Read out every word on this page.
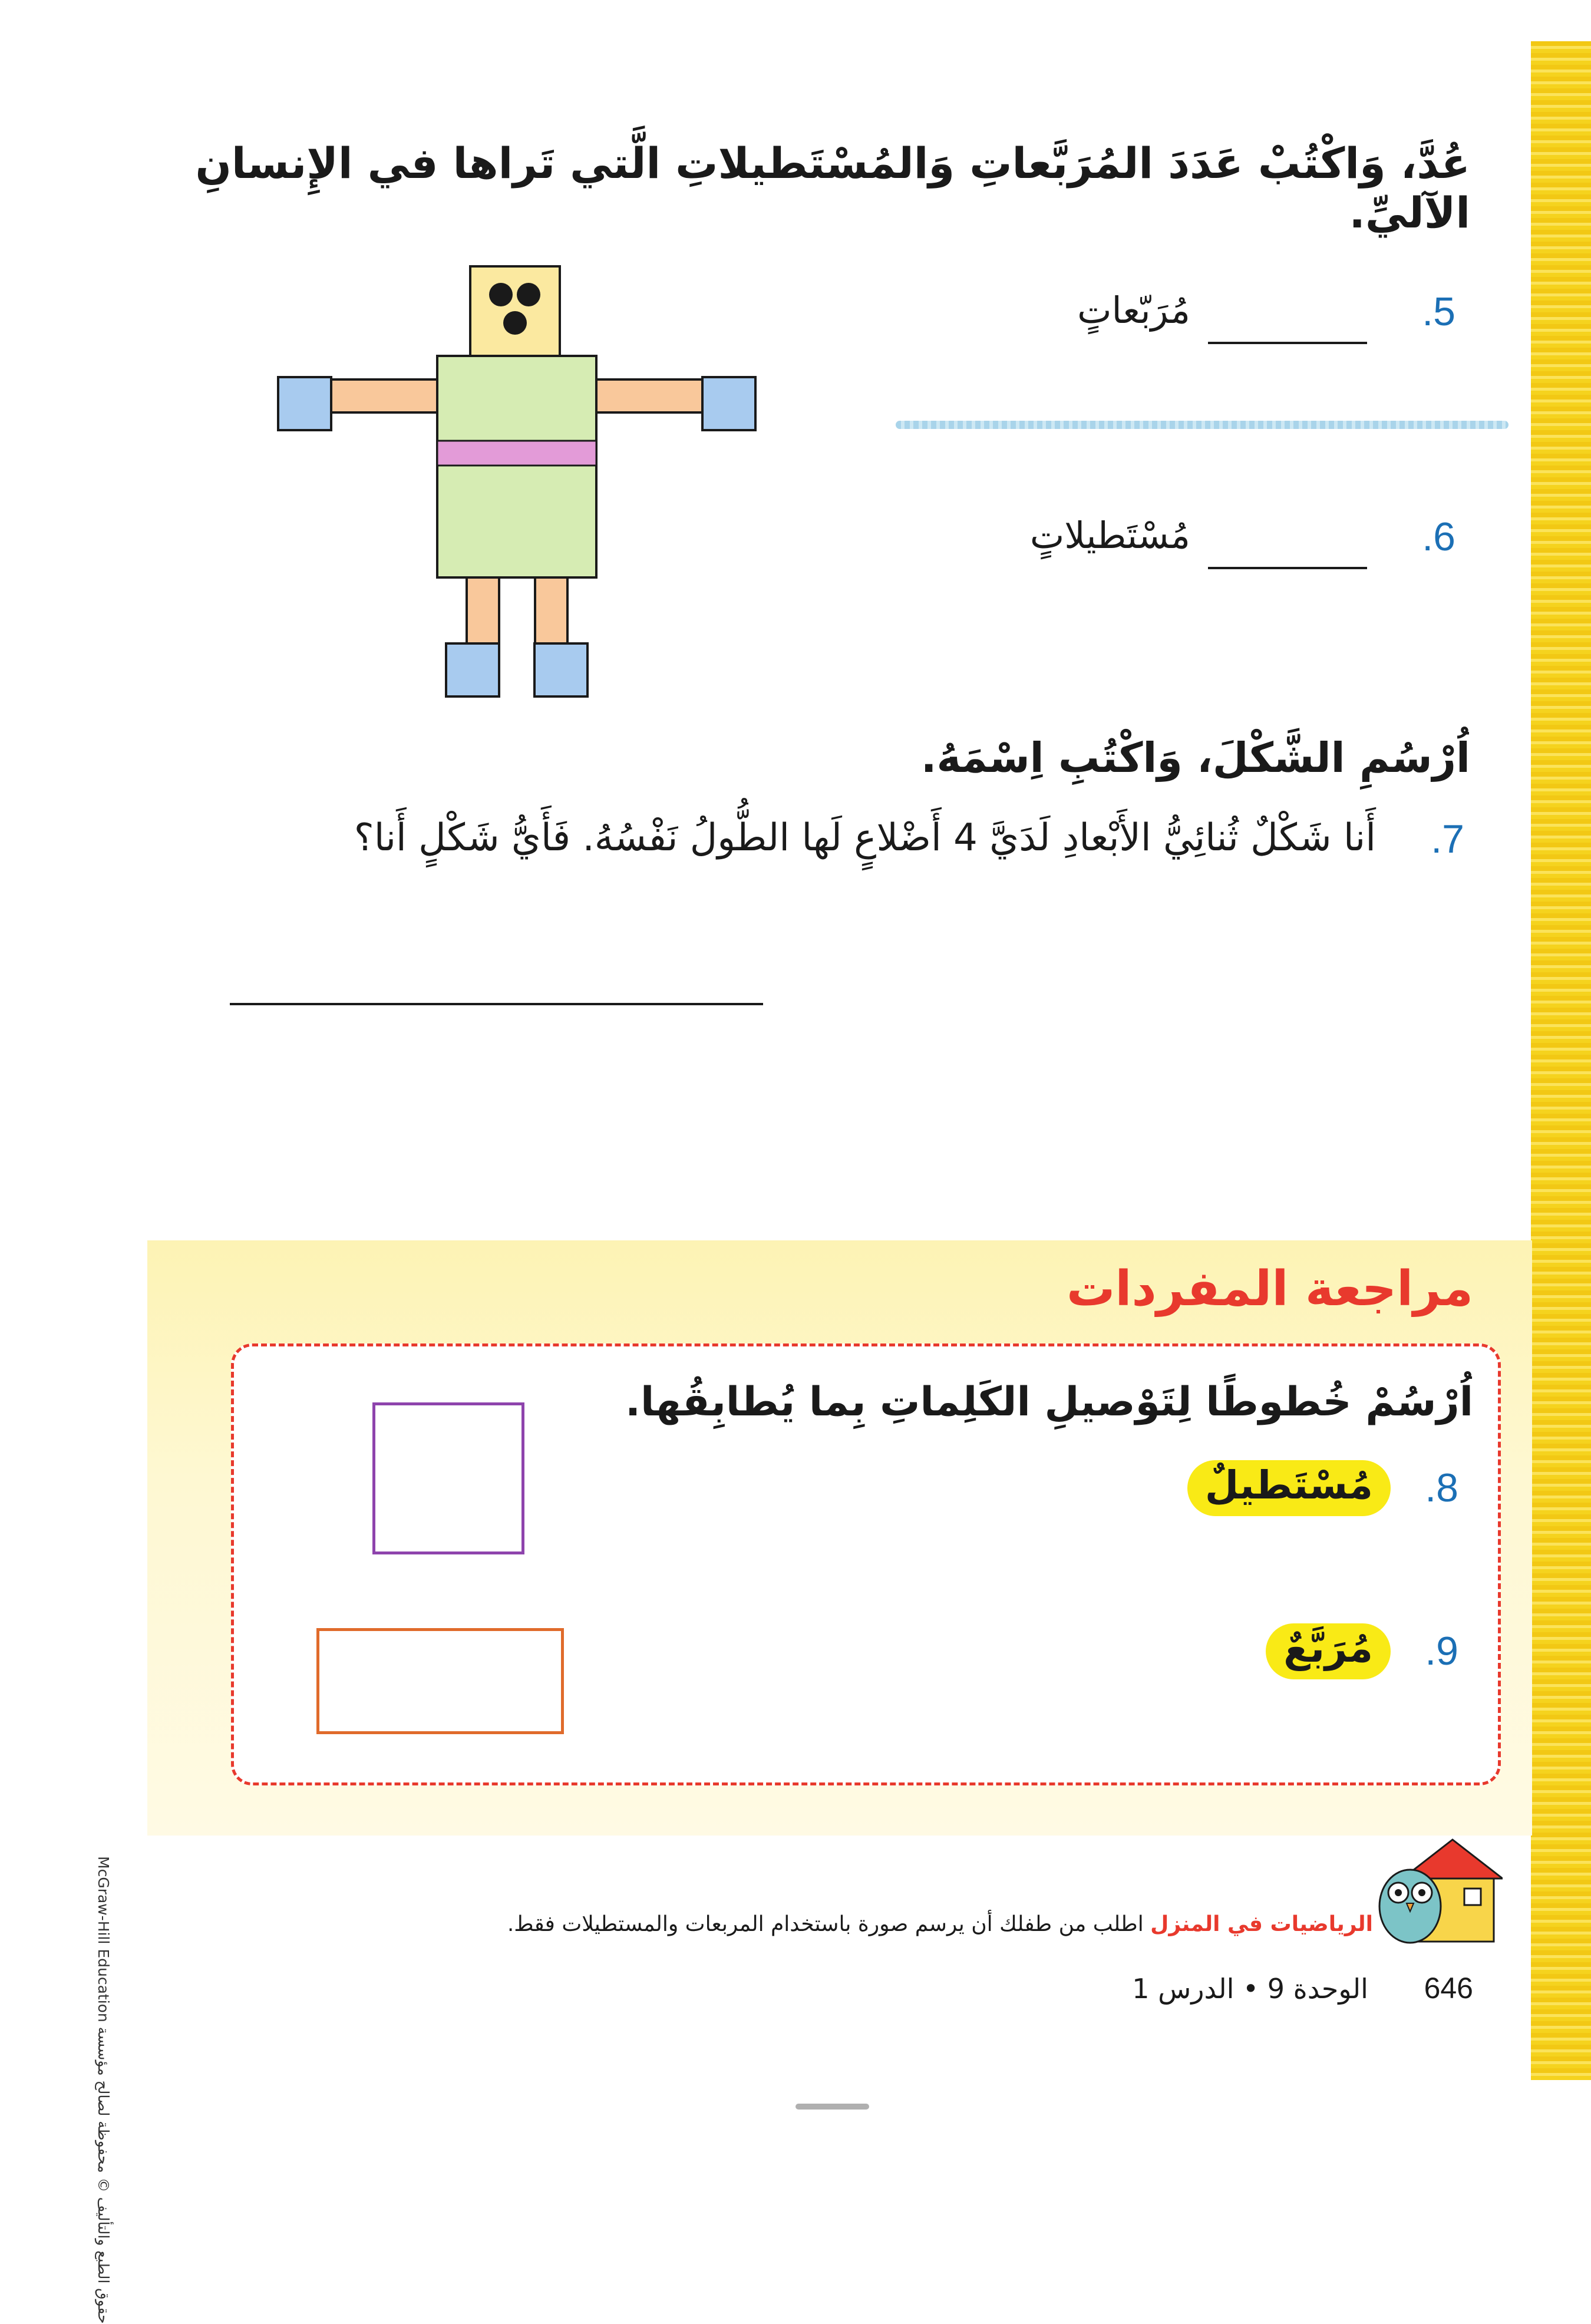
عُدَّ، وَاكْتُبْ عَدَدَ المُرَبَّعاتِ وَالمُسْتَطيلاتِ الَّتي تَراها في الإِنسانِ الآليِّ.
5.
مُرَبّعاتٍ
6.
مُسْتَطيلاتٍ
اُرْسُمِ الشَّكْلَ، وَاكْتُبِ اِسْمَهُ.
7.
أَنا شَكْلٌ ثُنائِيُّ الأَبْعادِ لَدَيَّ 4 أَضْلاعٍ لَها الطُّولُ نَفْسُهُ. فَأَيُّ شَكْلٍ أَنا؟
مراجعة المفردات
اُرْسُمْ خُطوطًا لِتَوْصيلِ الكَلِماتِ بِما يُطابِقُها.
8.
مُسْتَطيلٌ
9.
مُرَبَّعٌ
حقوق الطبع والتأليف © محفوظة لصالح مؤسسة McGraw-Hill Education
الرياضيات في المنزل اطلب من طفلك أن يرسم صورة باستخدام المربعات والمستطيلات فقط.
646 الوحدة 9 • الدرس 1
